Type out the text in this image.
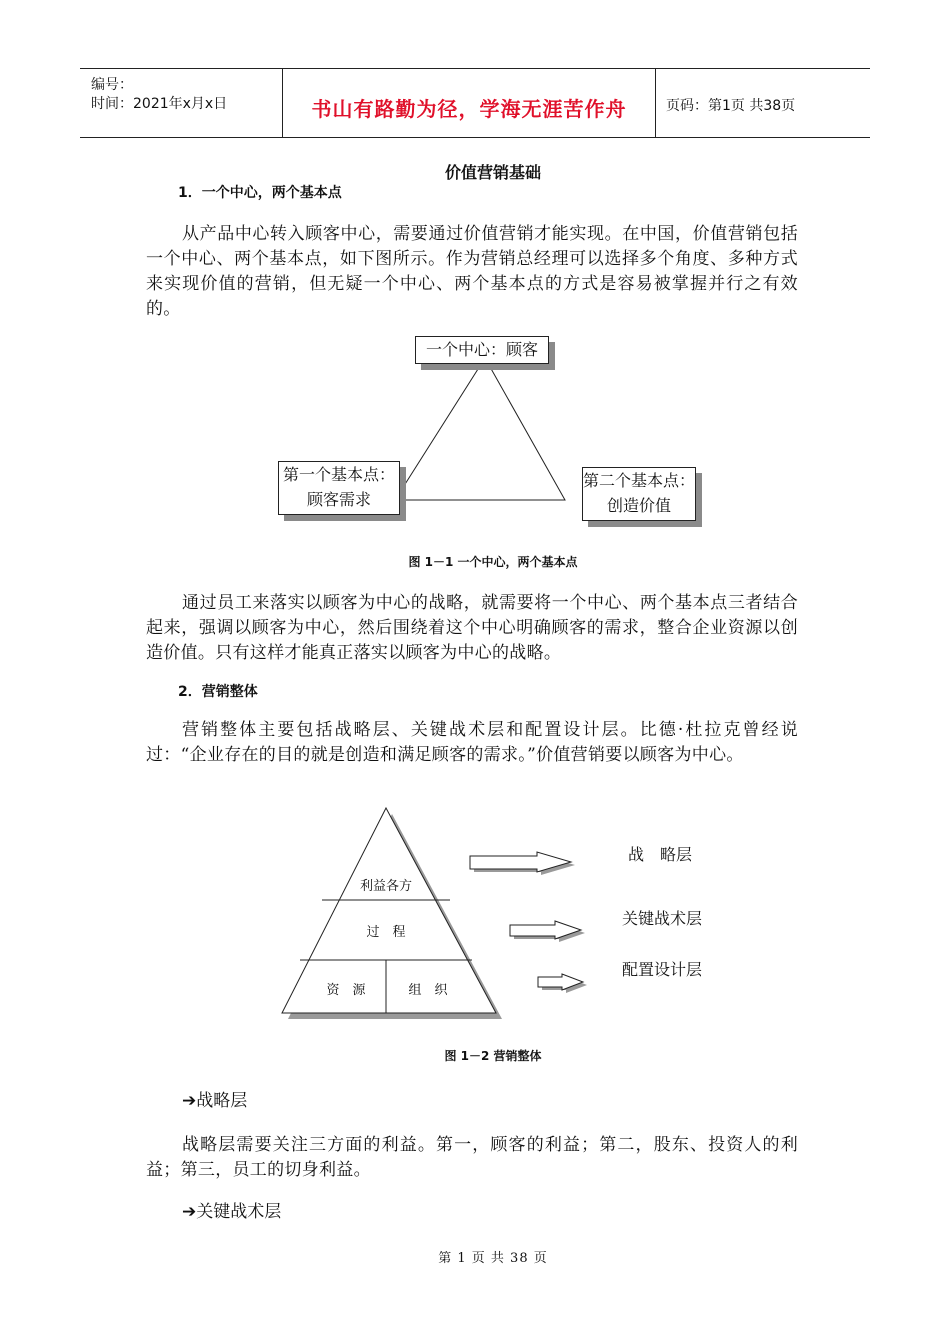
编号：
时间：2021年x月x日	书山有路勤为径，学海无涯苦作舟	页码：第1页 共38页
价值营销基础
1．一个中心，两个基本点
从产品中心转入顾客中心，需要通过价值营销才能实现。在中国，价值营销包括一个中心、两个基本点，如下图所示。作为营销总经理可以选择多个角度、多种方式来实现价值的营销，但无疑一个中心、两个基本点的方式是容易被掌握并行之有效的。
一个中心：顾客
第一个基本点：
顾客需求
第二个基本点：
创造价值
图 1－1 一个中心，两个基本点
通过员工来落实以顾客为中心的战略，就需要将一个中心、两个基本点三者结合起来，强调以顾客为中心，然后围绕着这个中心明确顾客的需求，整合企业资源以创造价值。只有这样才能真正落实以顾客为中心的战略。
2．营销整体
营销整体主要包括战略层、关键战术层和配置设计层。比德·杜拉克曾经说过：“企业存在的目的就是创造和满足顾客的需求。”价值营销要以顾客为中心。
利益各方
过　程
资　源	组　织
战　略层
关键战术层
配置设计层
图 1－2 营销整体
➔战略层
战略层需要关注三方面的利益。第一，顾客的利益；第二，股东、投资人的利益；第三，员工的切身利益。
➔关键战术层
第 1 页 共 38 页
